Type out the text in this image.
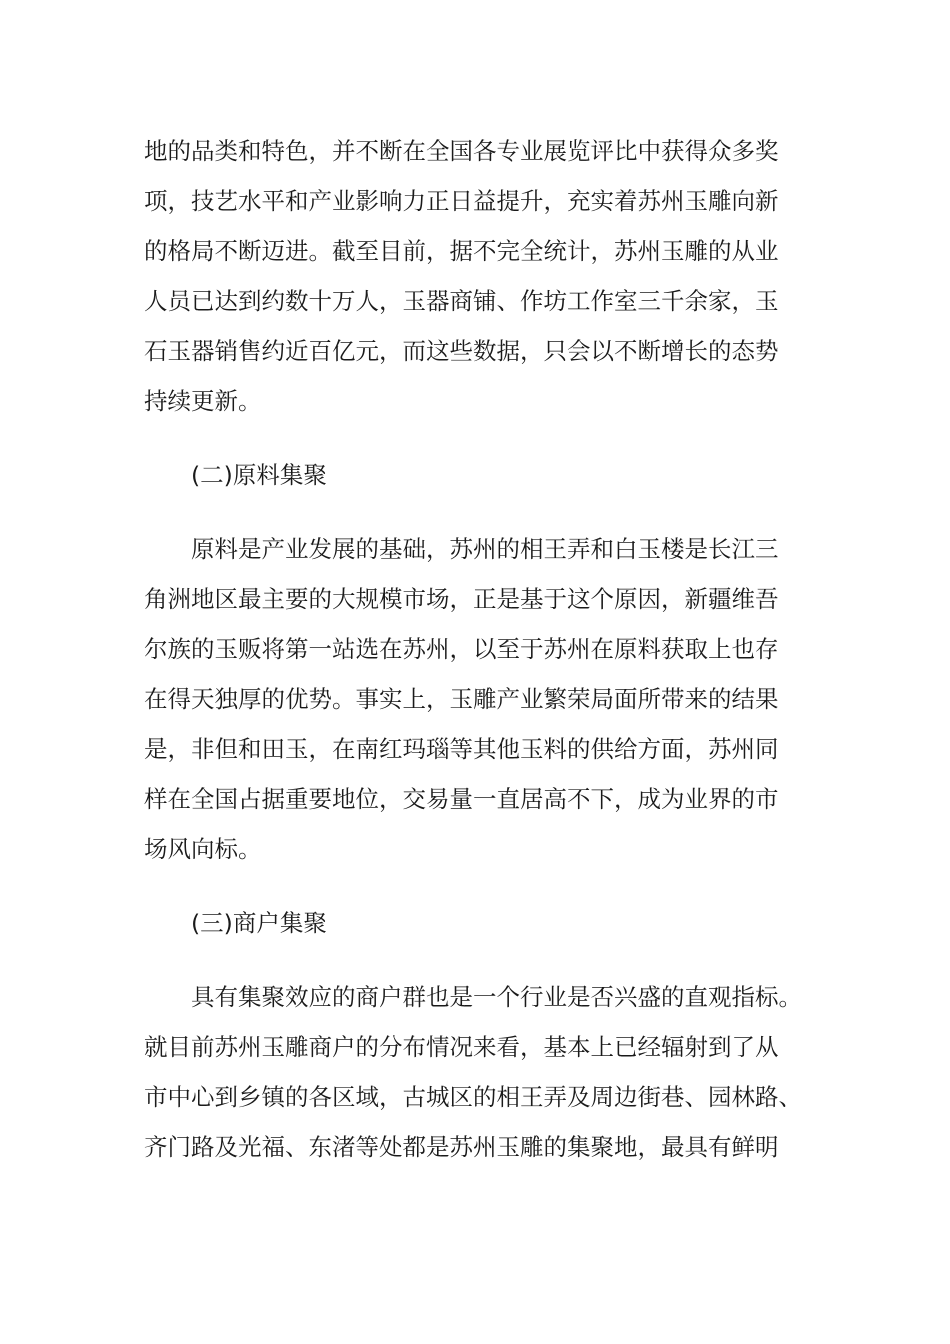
地的品类和特色，并不断在全国各专业展览评比中获得众多奖
项，技艺水平和产业影响力正日益提升，充实着苏州玉雕向新
的格局不断迈进。截至目前，据不完全统计，苏州玉雕的从业
人员已达到约数十万人，玉器商铺、作坊工作室三千余家，玉
石玉器销售约近百亿元，而这些数据，只会以不断增长的态势
持续更新。
(二)原料集聚
原料是产业发展的基础，苏州的相王弄和白玉楼是长江三
角洲地区最主要的大规模市场，正是基于这个原因，新疆维吾
尔族的玉贩将第一站选在苏州，以至于苏州在原料获取上也存
在得天独厚的优势。事实上，玉雕产业繁荣局面所带来的结果
是，非但和田玉，在南红玛瑙等其他玉料的供给方面，苏州同
样在全国占据重要地位，交易量一直居高不下，成为业界的市
场风向标。
(三)商户集聚
具有集聚效应的商户群也是一个行业是否兴盛的直观指标。
就目前苏州玉雕商户的分布情况来看，基本上已经辐射到了从
市中心到乡镇的各区域，古城区的相王弄及周边街巷、园林路、
齐门路及光福、东渚等处都是苏州玉雕的集聚地，最具有鲜明
